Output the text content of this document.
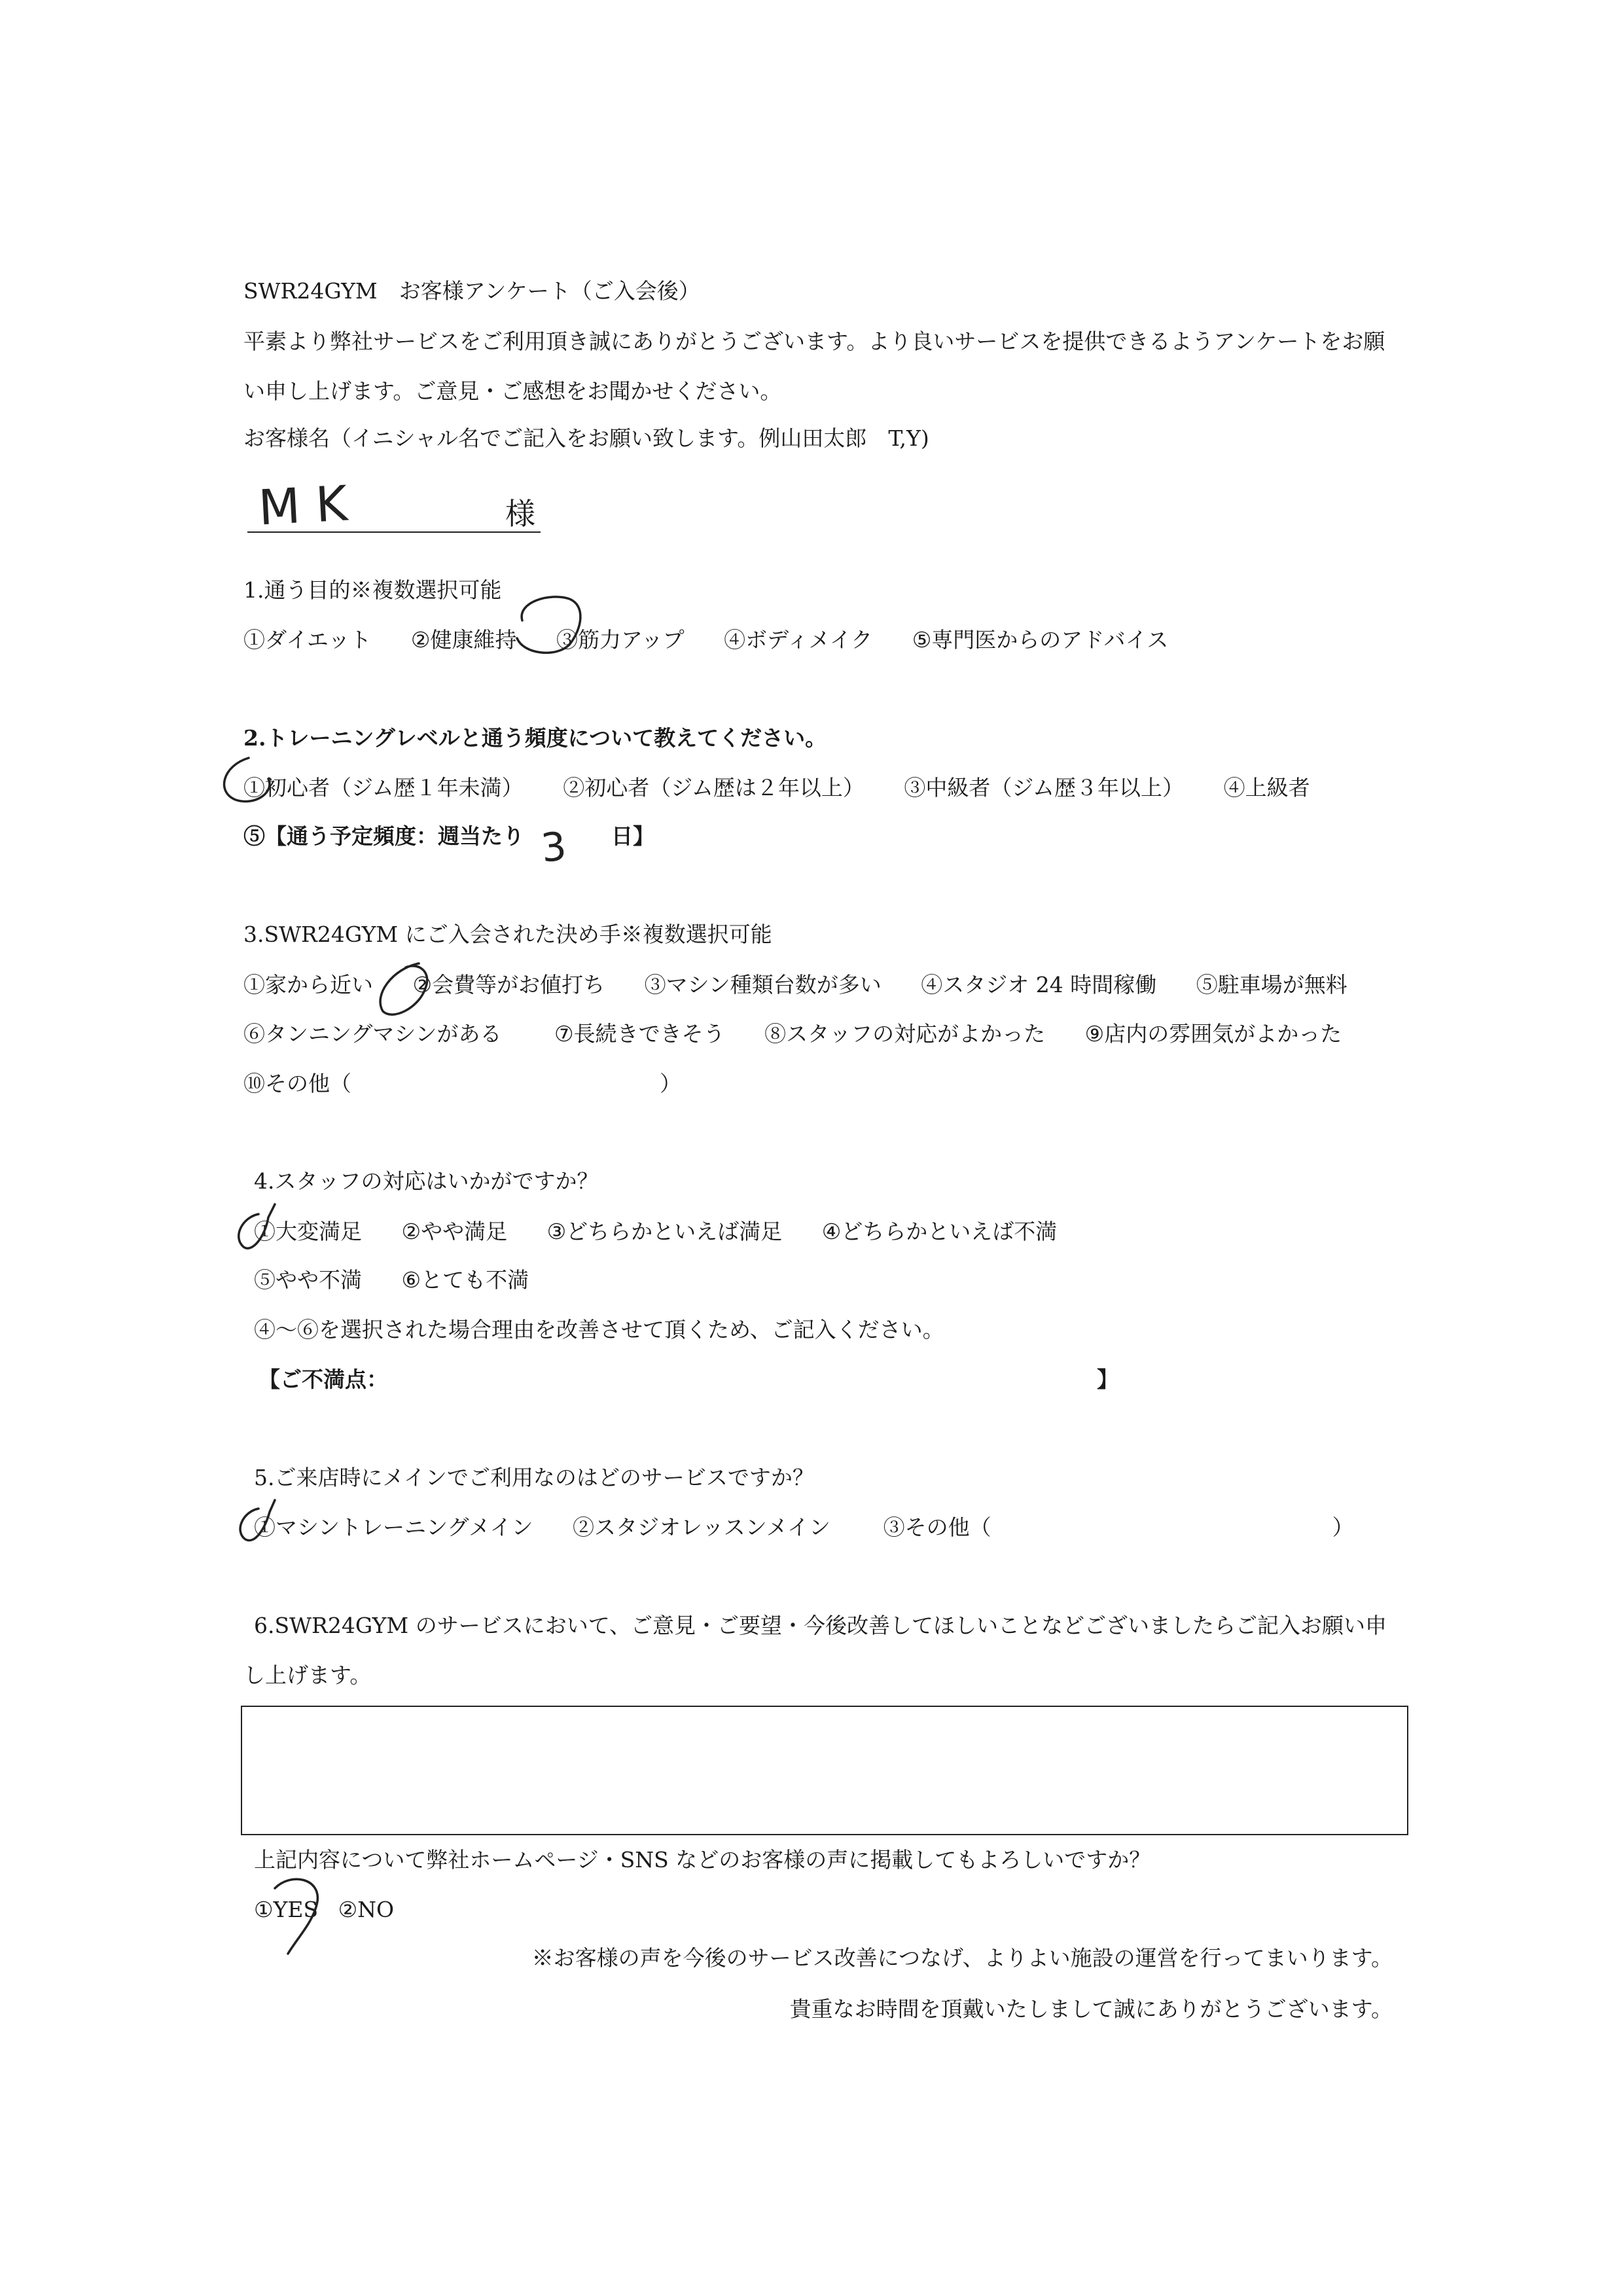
SWR24GYM　お客様アンケート（ご入会後）
平素より弊社サービスをご利用頂き誠にありがとうございます。より良いサービスを提供できるようアンケートをお願
い申し上げます。ご意見・ご感想をお聞かせください。
お客様名（イニシャル名でご記入をお願い致します。例山田太郎　T,Y)
M K	様
1.通う目的※複数選択可能
①ダイエット ②健康維持 ③筋力アップ ④ボディメイク ⑤専門医からのアドバイス
2.トレーニングレベルと通う頻度について教えてください。
①初心者（ジム歴１年未満） ②初心者（ジム歴は２年以上） ③中級者（ジム歴３年以上） ④上級者
⑤【通う予定頻度：週当たり 3 日】
3.SWR24GYM にご入会された決め手※複数選択可能
①家から近い ②会費等がお値打ち ③マシン種類台数が多い ④スタジオ 24 時間稼働 ⑤駐車場が無料
⑥タンニングマシンがある ⑦長続きできそう ⑧スタッフの対応がよかった ⑨店内の雰囲気がよかった
⑩その他（	）
4.スタッフの対応はいかがですか？
①大変満足 ②やや満足 ③どちらかといえば満足 ④どちらかといえば不満
⑤やや不満 ⑥とても不満
④～⑥を選択された場合理由を改善させて頂くため、ご記入ください。
【ご不満点：	】
5.ご来店時にメインでご利用なのはどのサービスですか？
①マシントレーニングメイン ②スタジオレッスンメイン ③その他（	）
6.SWR24GYM のサービスにおいて、ご意見・ご要望・今後改善してほしいことなどございましたらご記入お願い申
し上げます。
上記内容について弊社ホームページ・SNS などのお客様の声に掲載してもよろしいですか？
①YES ②NO
※お客様の声を今後のサービス改善につなげ、よりよい施設の運営を行ってまいります。
貴重なお時間を頂戴いたしまして誠にありがとうございます。
